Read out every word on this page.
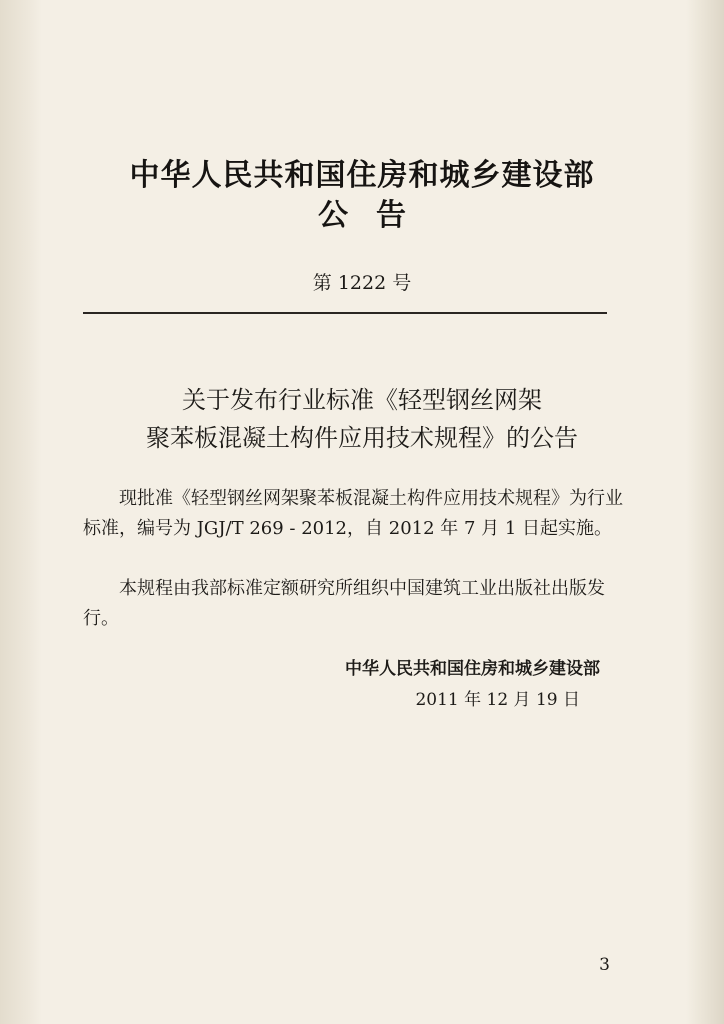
中华人民共和国住房和城乡建设部
公告
第 1222 号
关于发布行业标准《轻型钢丝网架
聚苯板混凝土构件应用技术规程》的公告
现批准《轻型钢丝网架聚苯板混凝土构件应用技术规程》为行业标准，编号为 JGJ/T 269 - 2012，自 2012 年 7 月 1 日起实施。
本规程由我部标准定额研究所组织中国建筑工业出版社出版发行。
中华人民共和国住房和城乡建设部
2011 年 12 月 19 日
3
